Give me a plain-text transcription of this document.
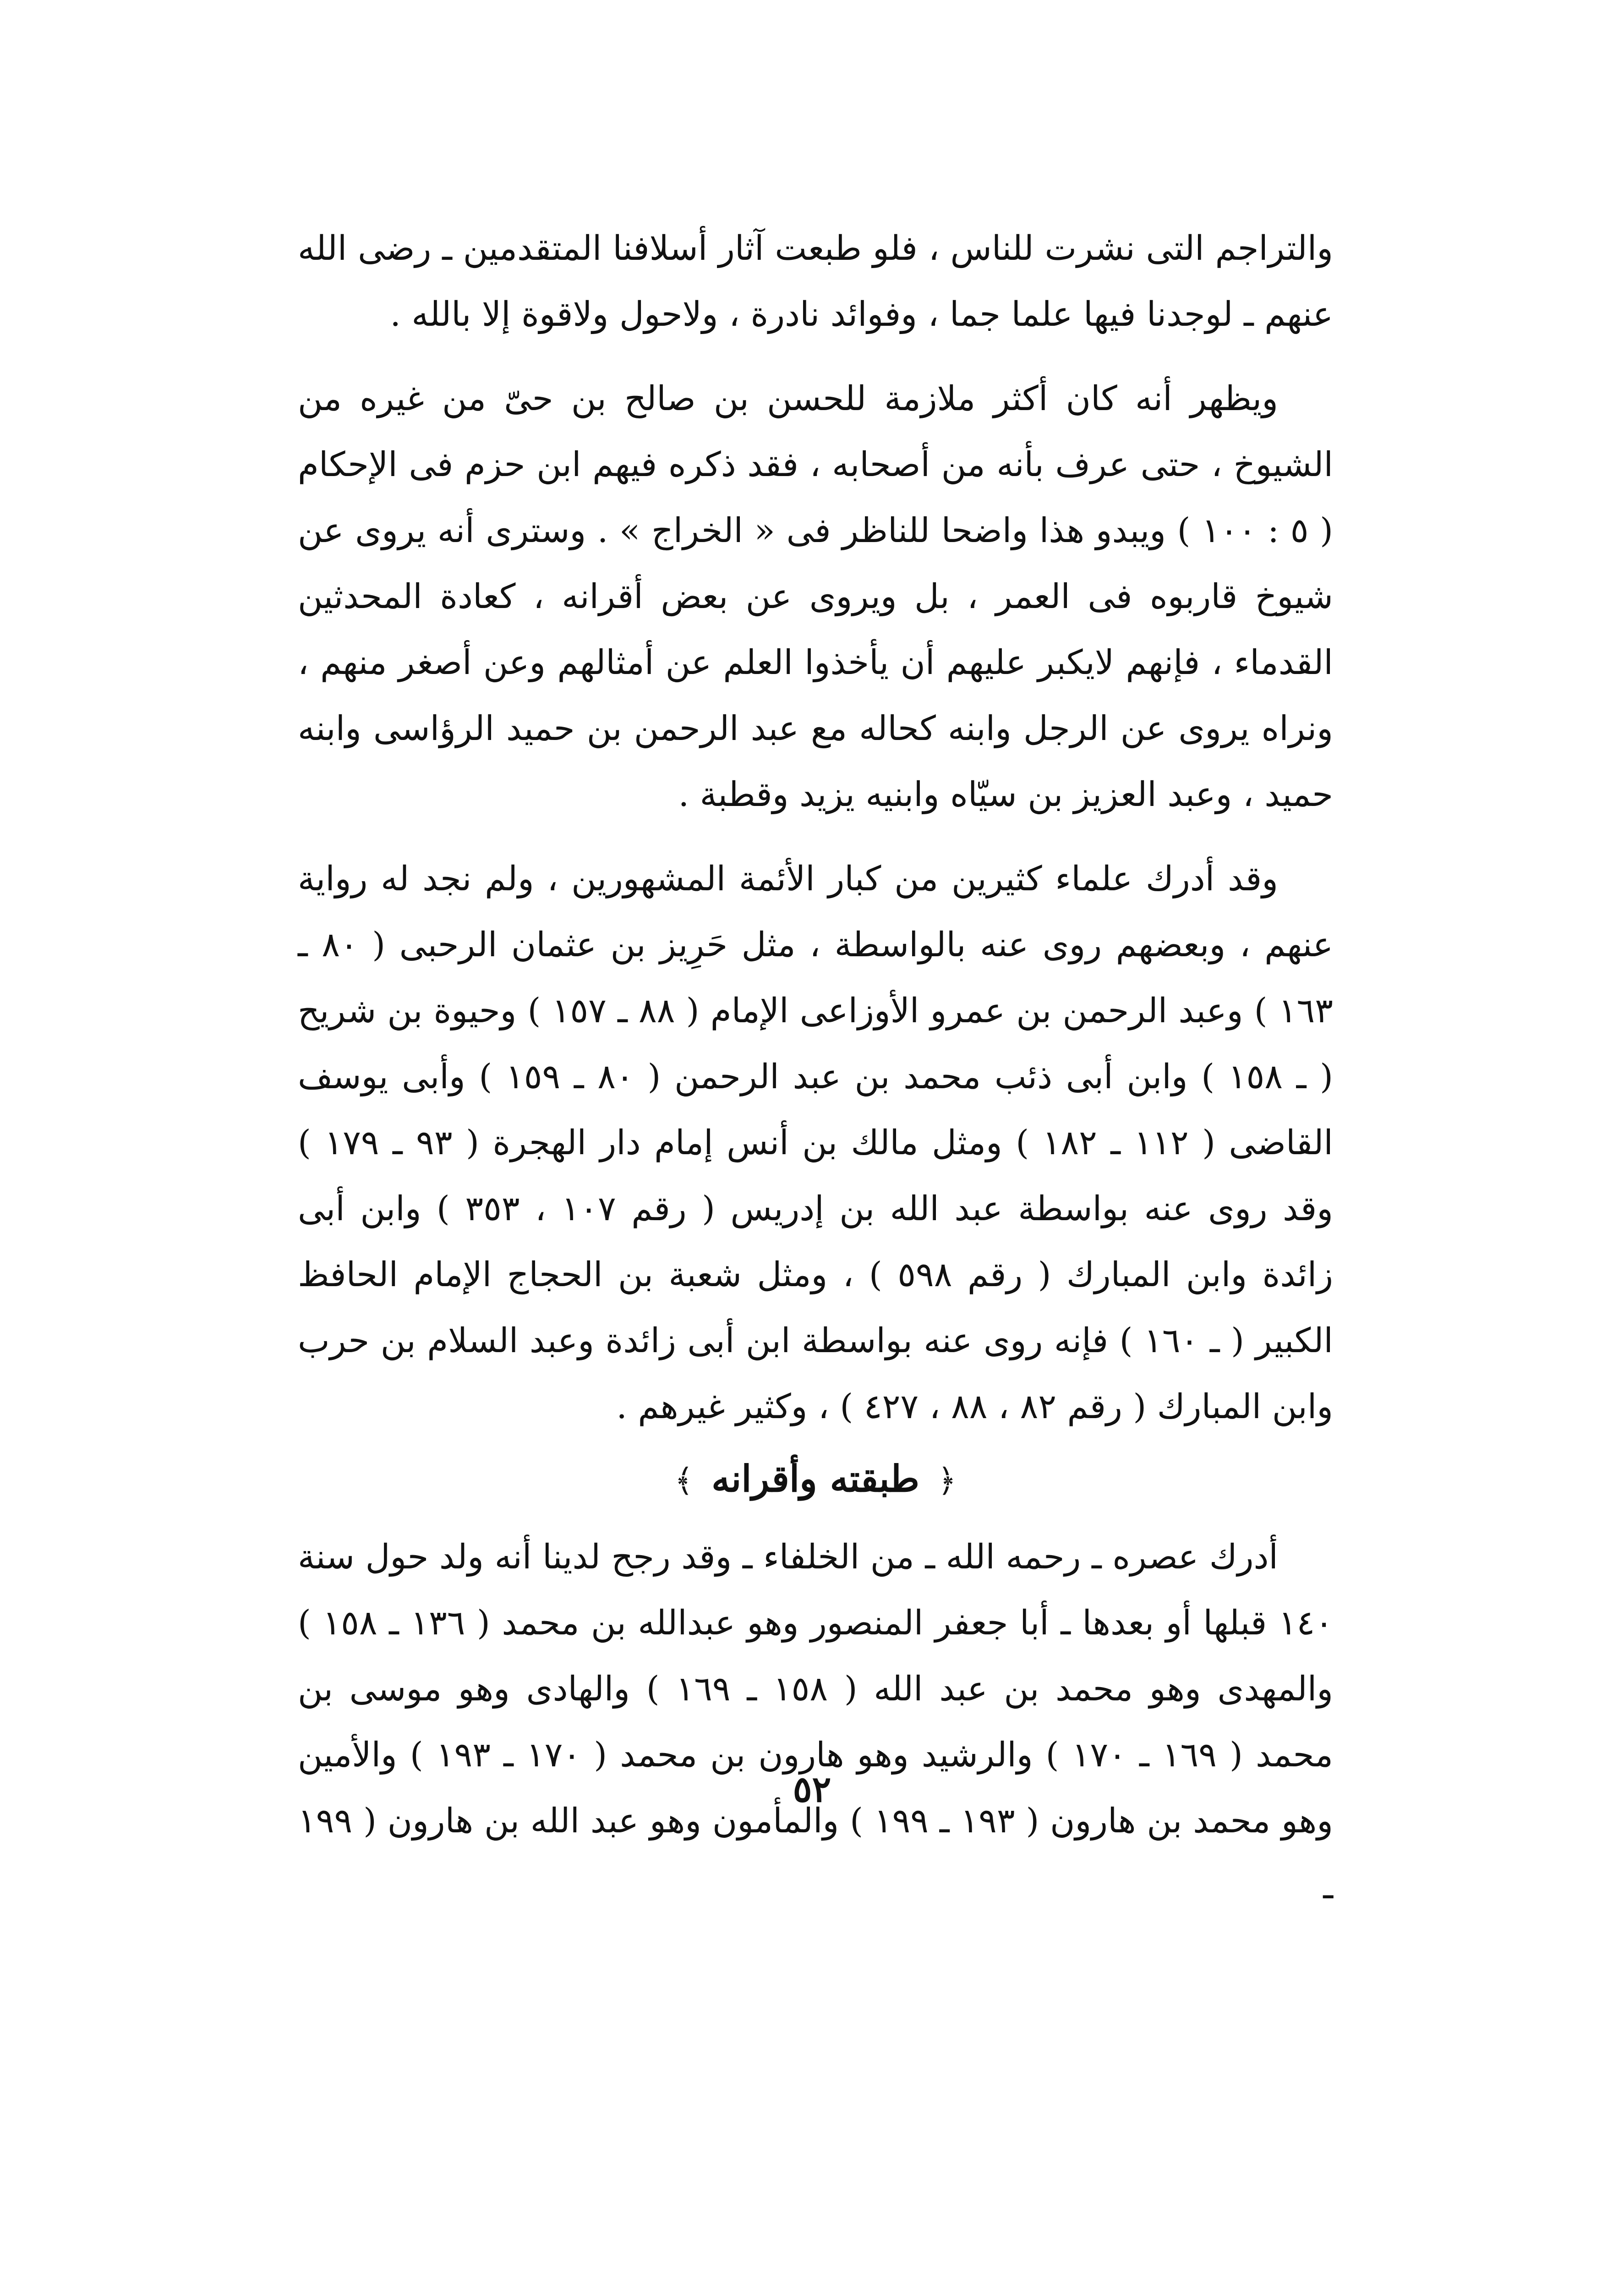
والتراجم التى نشرت للناس ، فلو طبعت آثار أسلافنا المتقدمين ـ رضى الله عنهم ـ لوجدنا فيها علما جما ، وفوائد نادرة ، ولاحول ولاقوة إلا بالله .

ويظهر أنه كان أكثر ملازمة للحسن بن صالح بن حىّ من غيره من الشيوخ ، حتى عرف بأنه من أصحابه ، فقد ذكره فيهم ابن حزم فى الإحكام ( ٥ : ١٠٠ ) ويبدو هذا واضحا للناظر فى « الخراج » . وسترى أنه يروى عن شيوخ قاربوه فى العمر ، بل ويروى عن بعض أقرانه ، كعادة المحدثين القدماء ، فإنهم لايكبر عليهم أن يأخذوا العلم عن أمثالهم وعن أصغر منهم ، ونراه يروى عن الرجل وابنه كحاله مع عبد الرحمن بن حميد الرؤاسى وابنه حميد ، وعبد العزيز بن سيّاه وابنيه يزيد وقطبة .

وقد أدرك علماء كثيرين من كبار الأئمة المشهورين ، ولم نجد له رواية عنهم ، وبعضهم روى عنه بالواسطة ، مثل حَرِيز بن عثمان الرحبى ( ٨٠ ـ ١٦٣ ) وعبد الرحمن بن عمرو الأوزاعى الإمام ( ٨٨ ـ ١٥٧ ) وحيوة بن شريح ( ـ ١٥٨ ) وابن أبى ذئب محمد بن عبد الرحمن ( ٨٠ ـ ١٥٩ ) وأبى يوسف القاضى ( ١١٢ ـ ١٨٢ ) ومثل مالك بن أنس إمام دار الهجرة ( ٩٣ ـ ١٧٩ ) وقد روى عنه بواسطة عبد الله بن إدريس ( رقم ١٠٧ ، ٣٥٣ ) وابن أبى زائدة وابن المبارك ( رقم ٥٩٨ ) ، ومثل شعبة بن الحجاج الإمام الحافظ الكبير ( ـ ١٦٠ ) فإنه روى عنه بواسطة ابن أبى زائدة وعبد السلام بن حرب وابن المبارك ( رقم ٨٢ ، ٨٨ ، ٤٢٧ ) ، وكثير غيرهم .

﴿ طبقته وأقرانه ﴾

أدرك عصره ـ رحمه الله ـ من الخلفاء ـ وقد رجح لدينا أنه ولد حول سنة ١٤٠ قبلها أو بعدها ـ أبا جعفر المنصور وهو عبدالله بن محمد ( ١٣٦ ـ ١٥٨ ) والمهدى وهو محمد بن عبد الله ( ١٥٨ ـ ١٦٩ ) والهادى وهو موسى بن محمد ( ١٦٩ ـ ١٧٠ ) والرشيد وهو هارون بن محمد ( ١٧٠ ـ ١٩٣ ) والأمين وهو محمد بن هارون ( ١٩٣ ـ ١٩٩ ) والمأمون وهو عبد الله بن هارون ( ١٩٩ ـ

٥٢
